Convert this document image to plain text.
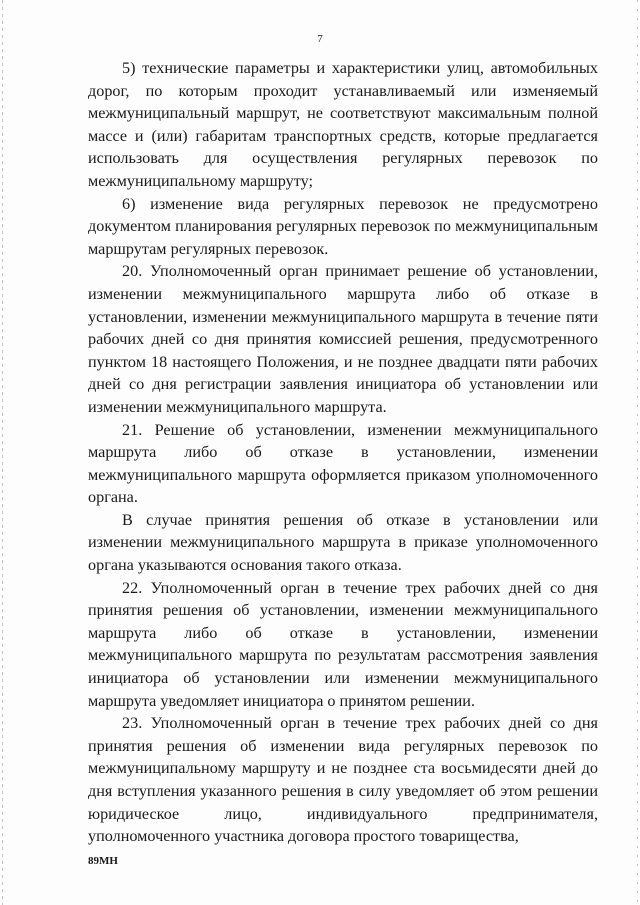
7

5) технические параметры и характеристики улиц, автомобильных дорог, по которым проходит устанавливаемый или изменяемый межмуниципальный маршрут, не соответствуют максимальным полной массе и (или) габаритам транспортных средств, которые предлагается использовать для осуществления регулярных перевозок по межмуниципальному маршруту;

6) изменение вида регулярных перевозок не предусмотрено документом планирования регулярных перевозок по межмуниципальным маршрутам регулярных перевозок.

20. Уполномоченный орган принимает решение об установлении, изменении межмуниципального маршрута либо об отказе в установлении, изменении межмуниципального маршрута в течение пяти рабочих дней со дня принятия комиссией решения, предусмотренного пунктом 18 настоящего Положения, и не позднее двадцати пяти рабочих дней со дня регистрации заявления инициатора об установлении или изменении межмуниципального маршрута.

21. Решение об установлении, изменении межмуниципального маршрута либо об отказе в установлении, изменении межмуниципального маршрута оформляется приказом уполномоченного органа.

В случае принятия решения об отказе в установлении или изменении межмуниципального маршрута в приказе уполномоченного органа указываются основания такого отказа.

22. Уполномоченный орган в течение трех рабочих дней со дня принятия решения об установлении, изменении межмуниципального маршрута либо об отказе в установлении, изменении межмуниципального маршрута по результатам рассмотрения заявления инициатора об установлении или изменении межмуниципального маршрута уведомляет инициатора о принятом решении.

23. Уполномоченный орган в течение трех рабочих дней со дня принятия решения об изменении вида регулярных перевозок по межмуниципальному маршруту и не позднее ста восьмидесяти дней до дня вступления указанного решения в силу уведомляет об этом решении юридическое лицо, индивидуального предпринимателя, уполномоченного участника договора простого товарищества,

89МН
